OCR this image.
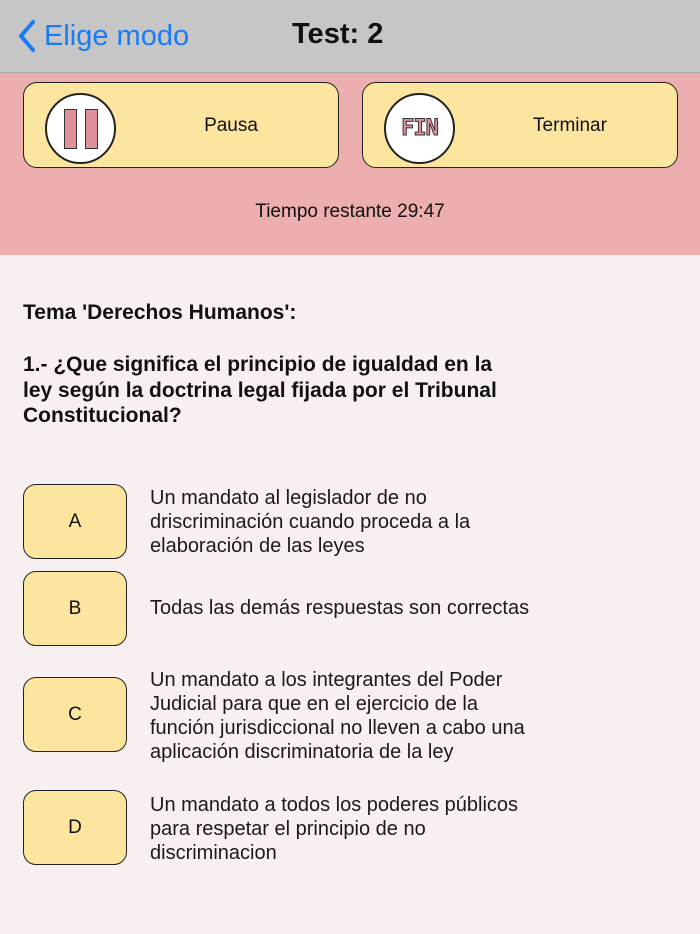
Elige modo	Test: 2
Pausa	FIN	Terminar
Tiempo restante 29:47
Tema 'Derechos Humanos':
1.- ¿Que significa el principio de igualdad en la
ley según la doctrina legal fijada por el Tribunal
Constitucional?
A
Un mandato al legislador de no
driscriminación cuando proceda a la
elaboración de las leyes
B	Todas las demás respuestas son correctas
C
Un mandato a los integrantes del Poder
Judicial para que en el ejercicio de la
función jurisdiccional no lleven a cabo una
aplicación discriminatoria de la ley
D
Un mandato a todos los poderes públicos
para respetar el principio de no
discriminacion
